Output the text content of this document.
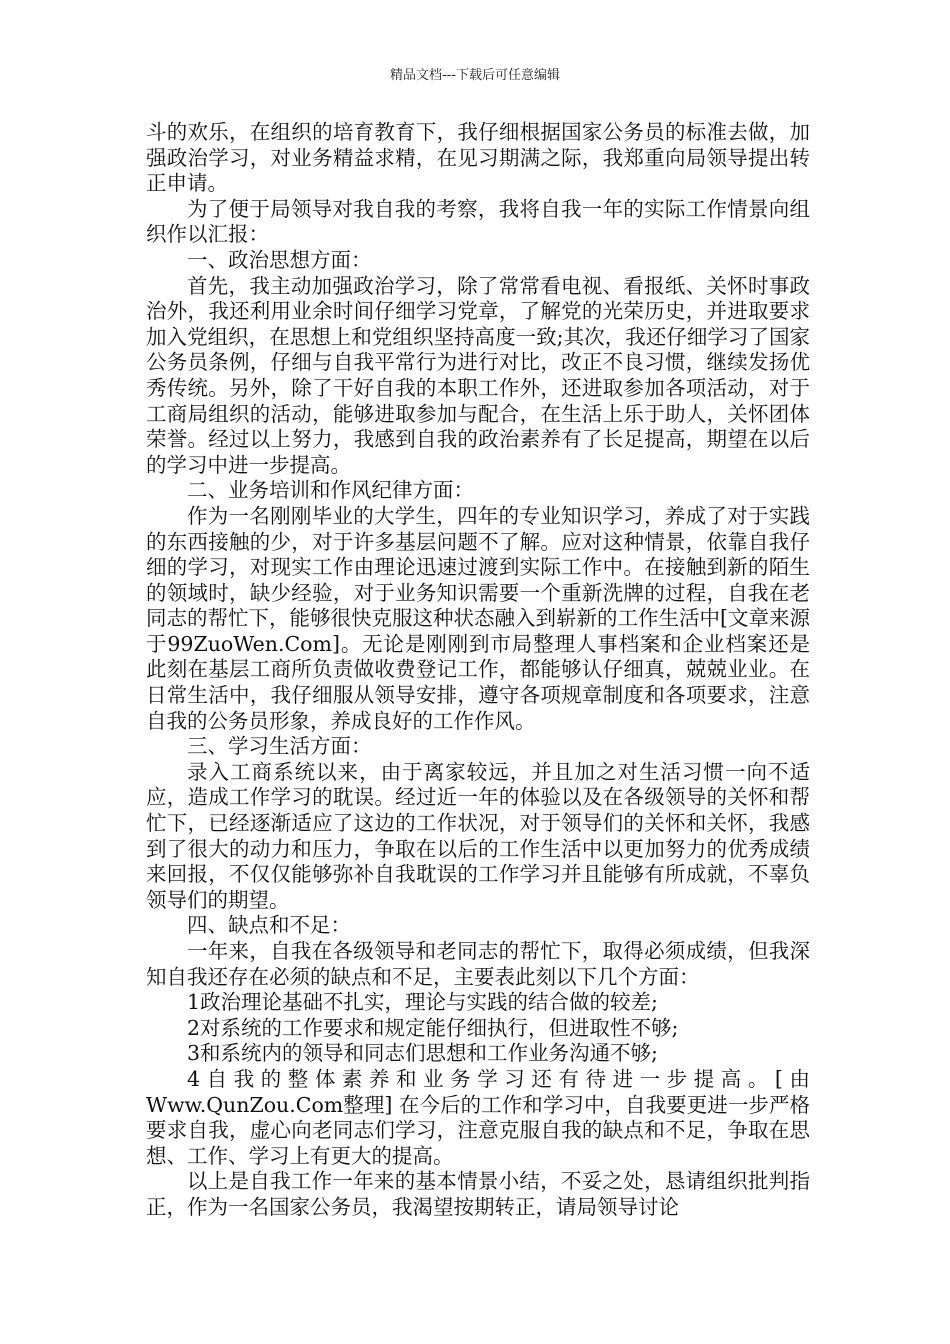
精品文档---下载后可任意编辑

斗的欢乐，在组织的培育教育下，我仔细根据国家公务员的标准去做，加强政治学习，对业务精益求精，在见习期满之际，我郑重向局领导提出转正申请。

为了便于局领导对我自我的考察，我将自我一年的实际工作情景向组织作以汇报：

一、政治思想方面：

首先，我主动加强政治学习，除了常常看电视、看报纸、关怀时事政治外，我还利用业余时间仔细学习党章，了解党的光荣历史，并进取要求加入党组织，在思想上和党组织坚持高度一致;其次，我还仔细学习了国家公务员条例，仔细与自我平常行为进行对比，改正不良习惯，继续发扬优秀传统。另外，除了干好自我的本职工作外，还进取参加各项活动，对于工商局组织的活动，能够进取参加与配合，在生活上乐于助人，关怀团体荣誉。经过以上努力，我感到自我的政治素养有了长足提高，期望在以后的学习中进一步提高。

二、业务培训和作风纪律方面：

作为一名刚刚毕业的大学生，四年的专业知识学习，养成了对于实践的东西接触的少，对于许多基层问题不了解。应对这种情景，依靠自我仔细的学习，对现实工作由理论迅速过渡到实际工作中。在接触到新的陌生的领域时，缺少经验，对于业务知识需要一个重新洗牌的过程，自我在老同志的帮忙下，能够很快克服这种状态融入到崭新的工作生活中[文章来源于99ZuoWen.Com]。无论是刚刚到市局整理人事档案和企业档案还是此刻在基层工商所负责做收费登记工作，都能够认仔细真，兢兢业业。在日常生活中，我仔细服从领导安排，遵守各项规章制度和各项要求，注意自我的公务员形象，养成良好的工作作风。

三、学习生活方面：

录入工商系统以来，由于离家较远，并且加之对生活习惯一向不适应，造成工作学习的耽误。经过近一年的体验以及在各级领导的关怀和帮忙下，已经逐渐适应了这边的工作状况，对于领导们的关怀和关怀，我感到了很大的动力和压力，争取在以后的工作生活中以更加努力的优秀成绩来回报，不仅仅能够弥补自我耽误的工作学习并且能够有所成就，不辜负领导们的期望。

四、缺点和不足：

一年来，自我在各级领导和老同志的帮忙下，取得必须成绩，但我深知自我还存在必须的缺点和不足，主要表此刻以下几个方面：

1政治理论基础不扎实，理论与实践的结合做的较差;

2对系统的工作要求和规定能仔细执行，但进取性不够;

3和系统内的领导和同志们思想和工作业务沟通不够;

4自我的整体素养和业务学习还有待进一步提高。[由Www.QunZou.Com整理] 在今后的工作和学习中，自我要更进一步严格要求自我，虚心向老同志们学习，注意克服自我的缺点和不足，争取在思想、工作、学习上有更大的提高。

以上是自我工作一年来的基本情景小结，不妥之处，恳请组织批判指正，作为一名国家公务员，我渴望按期转正，请局领导讨论
